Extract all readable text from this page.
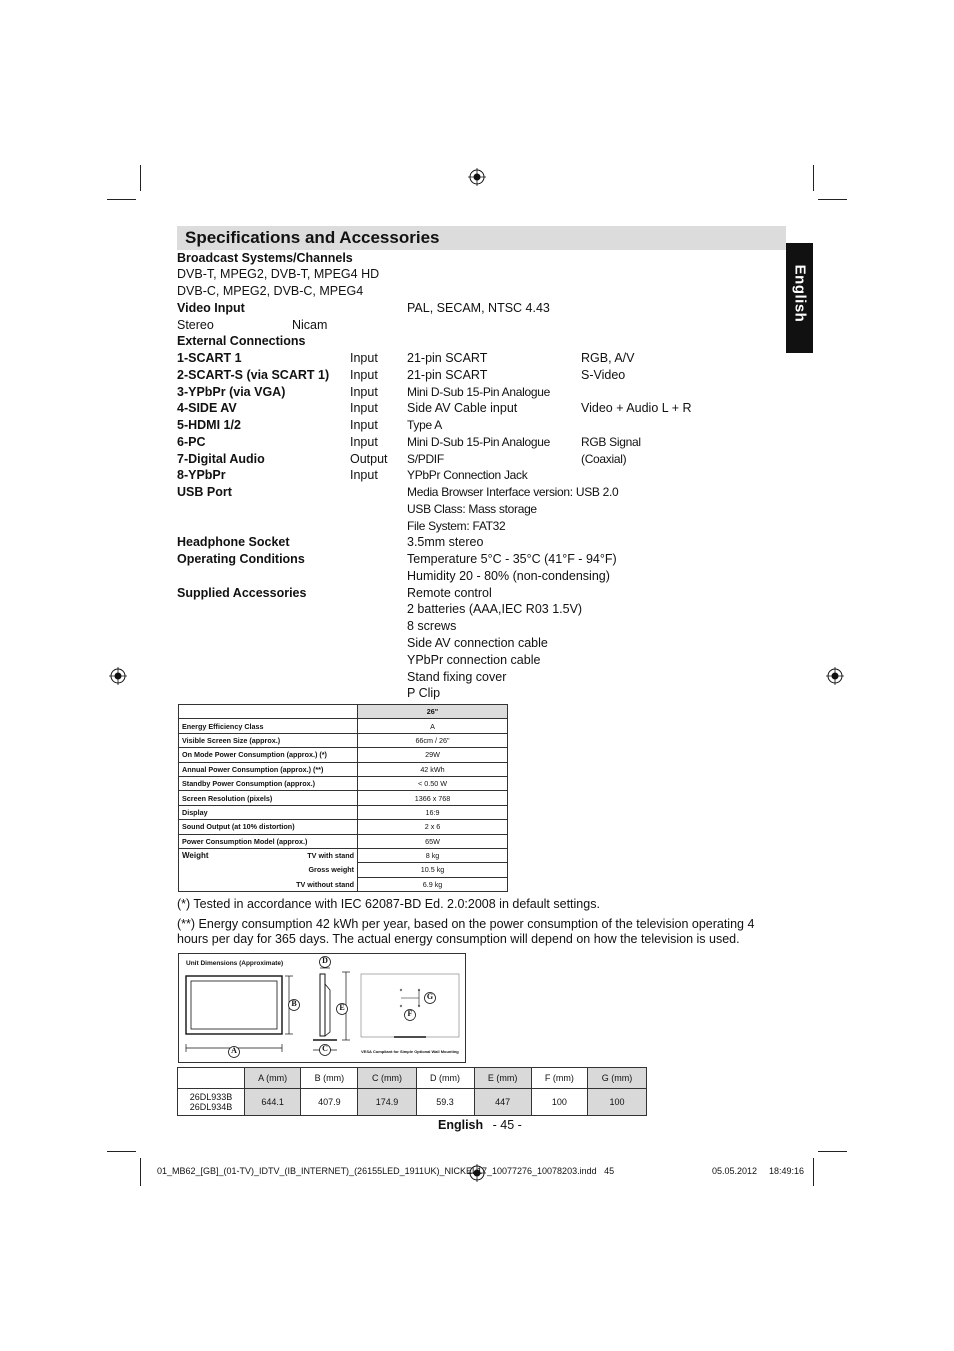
Specifications and Accessories
English
Broadcast Systems/Channels
DVB-T, MPEG2, DVB-T, MPEG4 HD
DVB-C, MPEG2, DVB-C, MPEG4
Video Input	PAL, SECAM, NTSC 4.43
Stereo	Nicam
External Connections
1-SCART 1	Input 21-pin SCART	RGB, A/V
2-SCART-S (via SCART 1) Input 21-pin SCART	S-Video
3-YPbPr (via VGA)	Input Mini D-Sub 15-Pin Analogue
4-SIDE AV	Input Side AV Cable input	Video + Audio L + R
5-HDMI 1/2	Input Type A
6-PC	Input Mini D-Sub 15-Pin Analogue	RGB Signal
7-Digital Audio	Output S/PDIF	(Coaxial)
8-YPbPr	Input YPbPr Connection Jack
USB Port	Media Browser Interface version: USB 2.0
USB Class: Mass storage
File System: FAT32
Headphone Socket	3.5mm stereo
Operating Conditions	Temperature 5°C - 35°C (41°F - 94°F)
Humidity 20 - 80% (non-condensing)
Supplied Accessories	Remote control
2 batteries (AAA,IEC R03 1.5V)
8 screws
Side AV connection cable
YPbPr connection cable
Stand fixing cover
P Clip
	26"
Energy Efficiency Class	A
Visible Screen Size (approx.)	66cm / 26"
On Mode Power Consumption (approx.) (*)	29W
Annual Power Consumption (approx.) (**)	42 kWh
Standby Power Consumption (approx.)	< 0.50 W
Screen Resolution (pixels)	1366 x 768
Display	16:9
Sound Output (at 10% distortion)	2 x 6
Power Consumption Model (approx.)	65W
Weight TV with stand	8 kg
Gross weight	10.5 kg
TV without stand	6.9 kg
(*) Tested in accordance with IEC 62087-BD Ed. 2.0:2008 in default settings.
(**) Energy consumption 42 kWh per year, based on the power consumption of the television operating 4 hours per day for 365 days. The actual energy consumption will depend on how the television is used.
Unit Dimensions (Approximate)
A
B
C
D
E
F
G
VESA Compliant for Simple Optional Wall Mounting
	A (mm)	B (mm)	C (mm)	D (mm)	E (mm)	F (mm)	G (mm)

26DL933B
26DL934B	644.1	407.9	174.9	59.3	447	100	100
English - 45 -
01_MB62_[GB]_(01-TV)_IDTV_(IB_INTERNET)_(26155LED_1911UK)_NICKEL17_10077276_10078203.indd   45	05.05.2012 18:49:16
